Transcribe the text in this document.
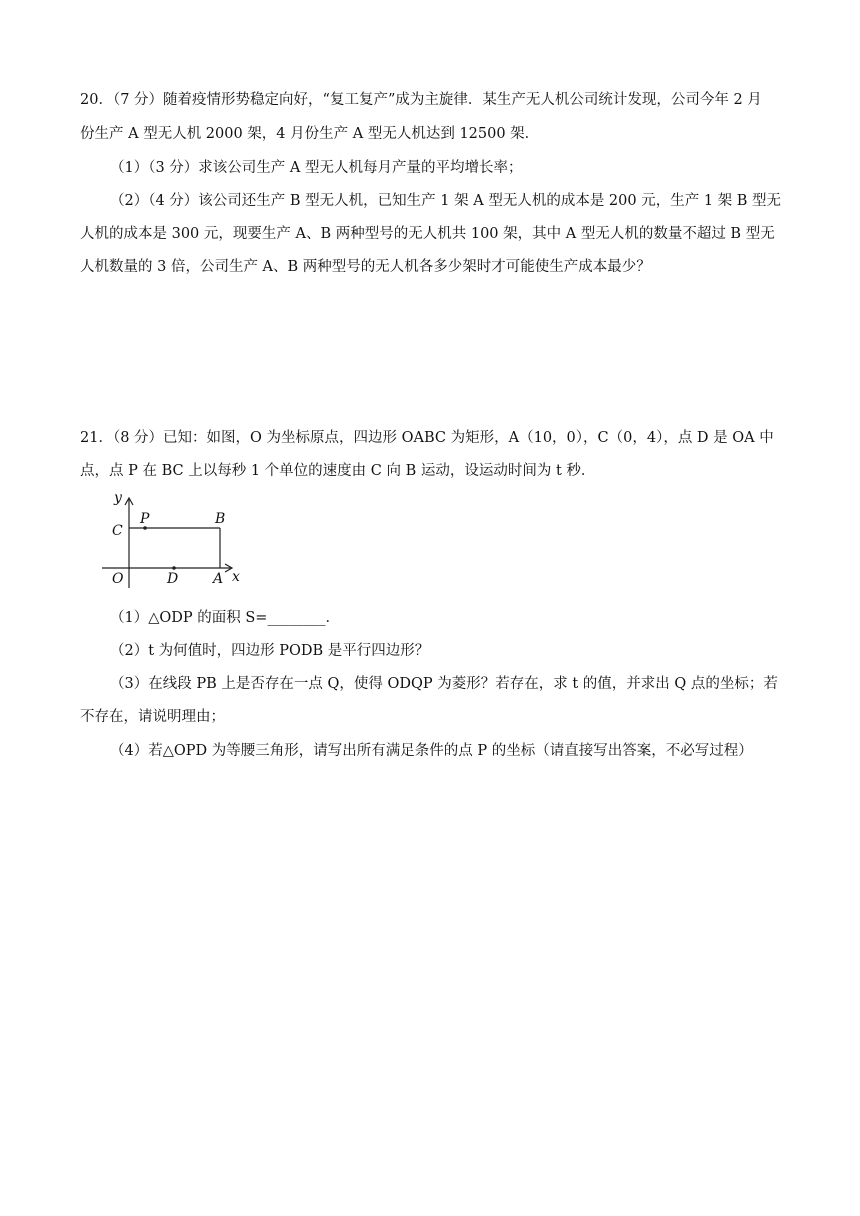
20．（7 分）随着疫情形势稳定向好，“复工复产”成为主旋律．某生产无人机公司统计发现，公司今年 2 月
份生产 A 型无人机 2000 架，4 月份生产 A 型无人机达到 12500 架．
（1）（3 分）求该公司生产 A 型无人机每月产量的平均增长率；
（2）（4 分）该公司还生产 B 型无人机，已知生产 1 架 A 型无人机的成本是 200 元，生产 1 架 B 型无
人机的成本是 300 元，现要生产 A、B 两种型号的无人机共 100 架，其中 A 型无人机的数量不超过 B 型无
人机数量的 3 倍，公司生产 A、B 两种型号的无人机各多少架时才可能使生产成本最少？
21．（8 分）已知：如图，O 为坐标原点，四边形 OABC 为矩形，A（10，0），C（0，4），点 D 是 OA 中
点，点 P 在 BC 上以每秒 1 个单位的速度由 C 向 B 运动，设运动时间为 t 秒．
y
C
P	B
O	D A x
（1）△ODP 的面积 S=________．
（2）t 为何值时，四边形 PODB 是平行四边形？
（3）在线段 PB 上是否存在一点 Q，使得 ODQP 为菱形？若存在，求 t 的值，并求出 Q 点的坐标；若
不存在，请说明理由；
（4）若△OPD 为等腰三角形，请写出所有满足条件的点 P 的坐标（请直接写出答案，不必写过程）
